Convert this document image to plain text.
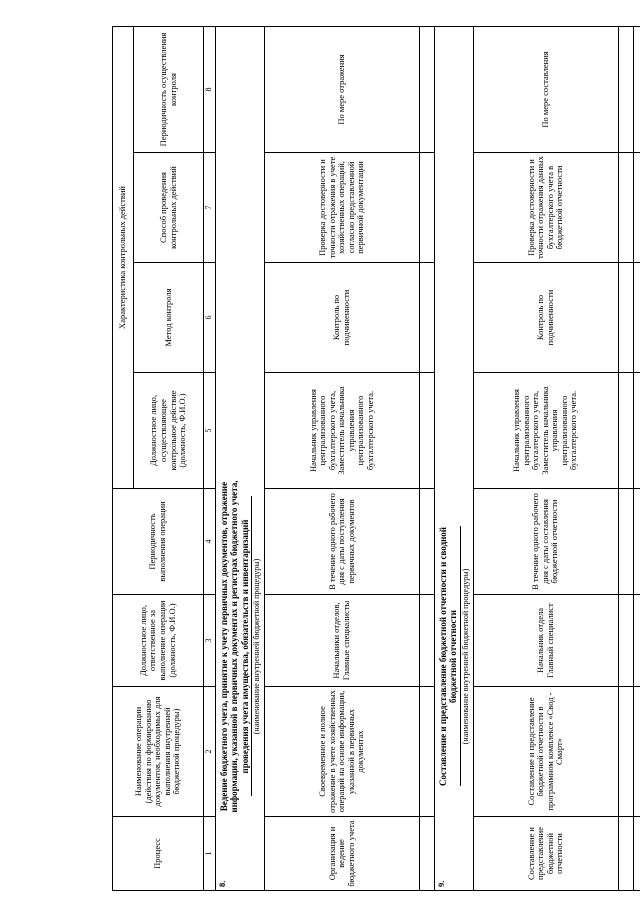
Процесс	Наименование операции (действия по формированию документов, необходимых для выполнения внутренней бюджетной процедуры)	Должностное лицо, ответственное за выполнение операции (должность, Ф.И.О.)	Периодичность выполнения операции	Характеристика контрольных действий			
				Должностное лицо, осуществляющее контрольное действие (должность, Ф.И.О.)	Метод контроля	Способ проведения контрольных действий	Периодичность осуществления контроля
1	2	3	4	5	6	7	8
8.	Ведение бюджетного учета, принятие к учету первичных документов, отражение информации, указанной в первичных документах и регистрах бюджетного учета, проведения учета имущества, обязательств и инвентаризаций (наименование внутренней бюджетной процедуры)						

Организация и ведение бюджетного учета	Своевременное и полное отражение в учете хозяйственных операций на основе информации, указанной в первичных документах	Начальники отделов, Главные специалисты	В течение одного рабочего дня с даты поступления первичных документов	Начальник управления централизованного бухгалтерского учета, Заместитель начальника управления централизованного бухгалтерского учета.	Контроль по подчиненности	Проверка достоверности и точности отражения в учете хозяйственных операций, согласно представленной первичной документации	По мере отражения

9.	Составление и представление бюджетной отчетности и сводной бюджетной отчетности (наименование внутренней бюджетной процедуры)						

Составление и представление бюджетной отчетности	Составление и представление бюджетной отчетности в программном комплексе «Свод - Смарт»	Начальник отдела Главный специалист	В течение одного рабочего дня с даты составления бюджетной отчетности	Начальник управления централизованного бухгалтерского учета, Заместитель начальника управления централизованного бухгалтерского учета.	Контроль по подчиненности	Проверка достоверности и точности отражения данных бухгалтерского учета в бюджетной отчетности	По мере составления
